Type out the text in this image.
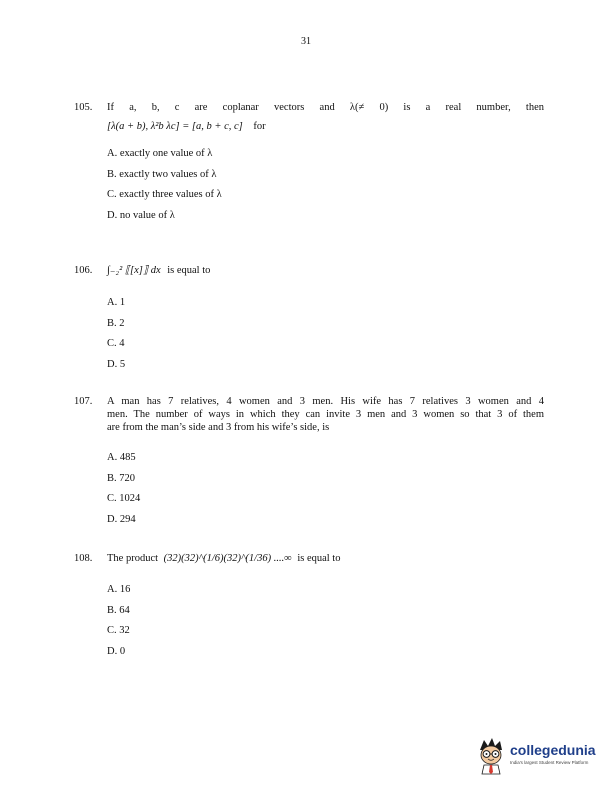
31
105. If a, b, c are coplanar vectors and λ(≠ 0) is a real number, then
[λ(a + b), λ²b λc] = [a, b + c, c] for
A. exactly one value of λ
B. exactly two values of λ
C. exactly three values of λ
D. no value of λ
106. ∫₋₂² ⟦[x]⟧ dx is equal to
A. 1
B. 2
C. 4
D. 5
107. A man has 7 relatives, 4 women and 3 men. His wife has 7 relatives 3 women and 4
men. The number of ways in which they can invite 3 men and 3 women so that 3 of them
are from the man’s side and 3 from his wife’s side, is
A. 485
B. 720
C. 1024
D. 294
108. The product (32)(32)^(1/6)(32)^(1/36) ....∞ is equal to
A. 16
B. 64
C. 32
D. 0
collegedunia
India's largest Student Review Platform
